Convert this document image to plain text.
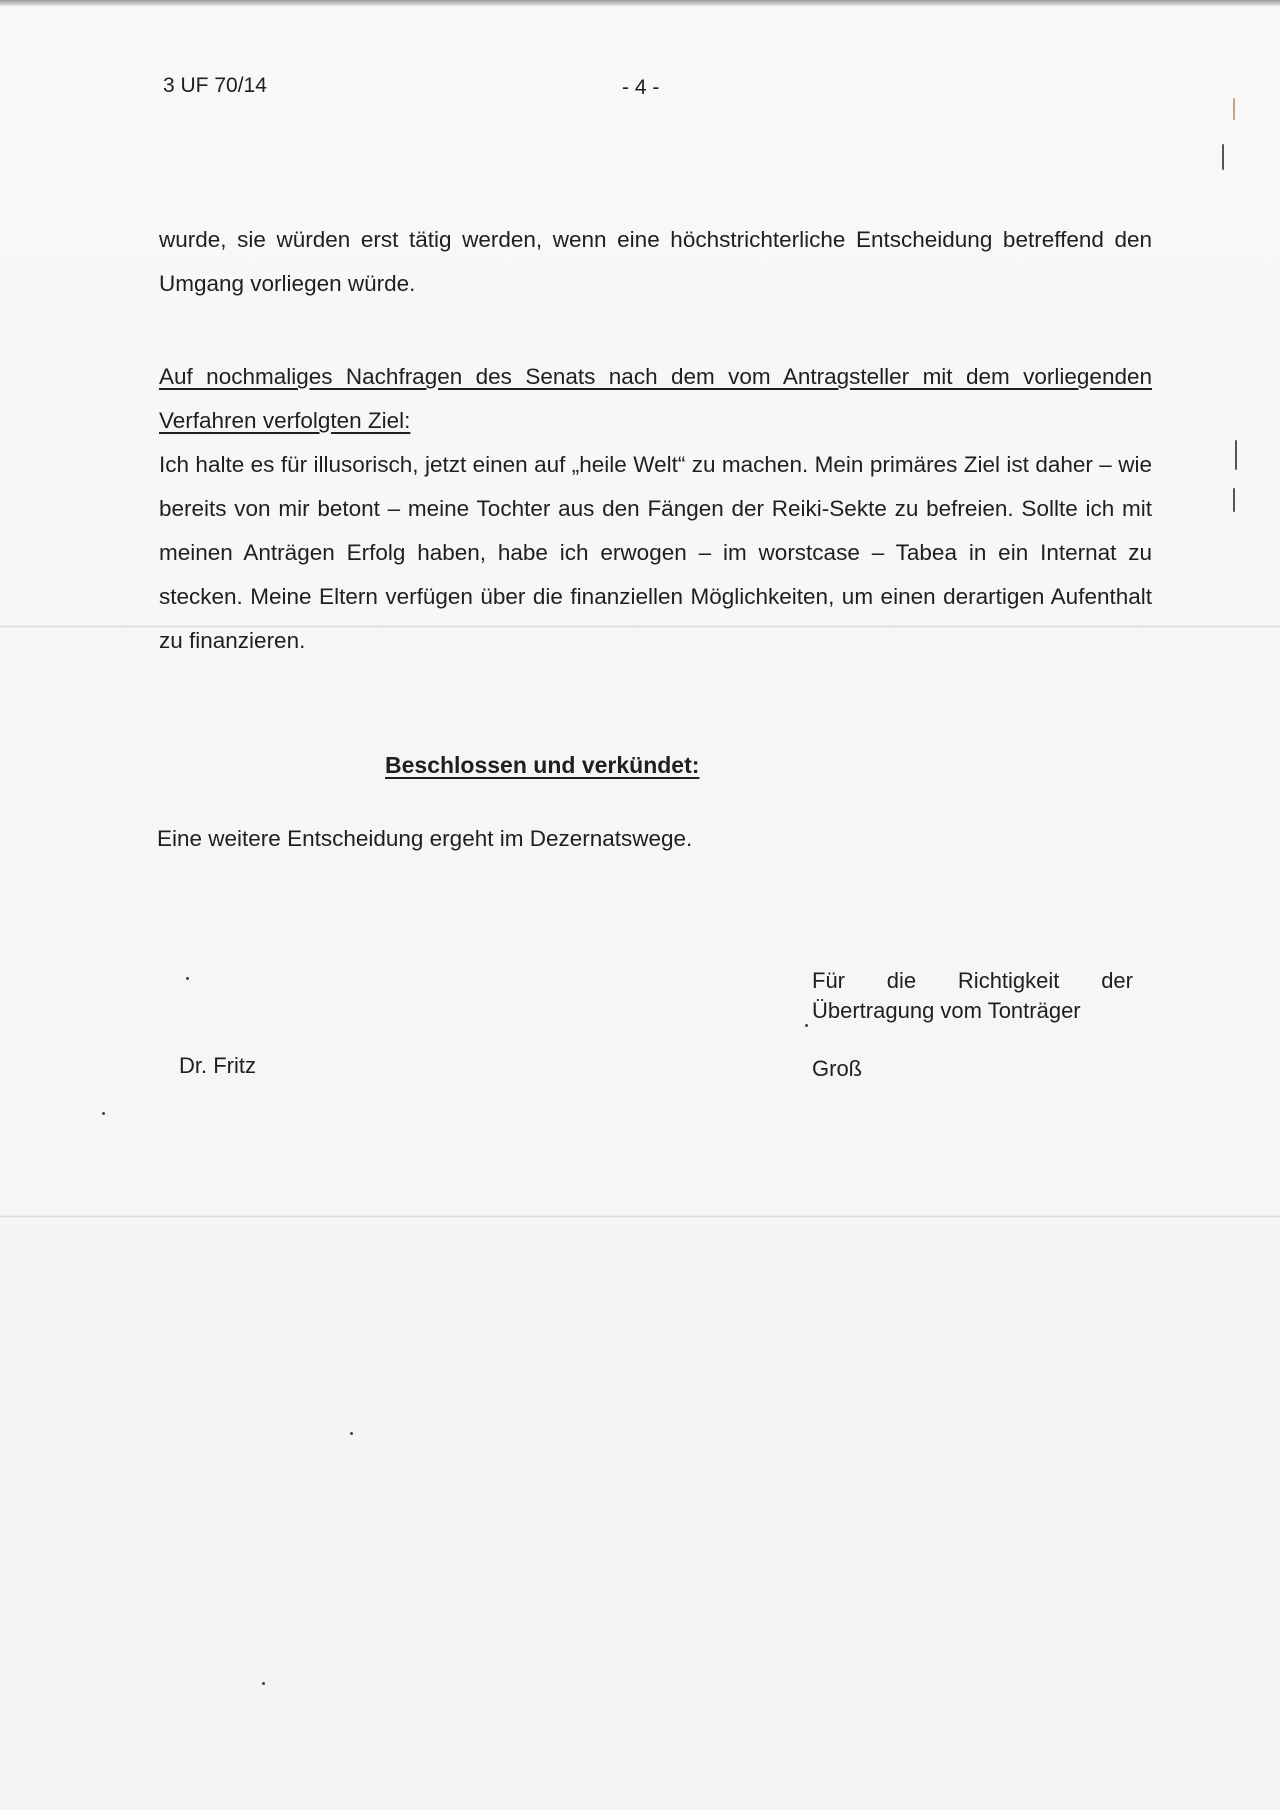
3 UF 70/14	- 4 -
wurde, sie würden erst tätig werden, wenn eine höchstrichterliche Entscheidung betreffend den Umgang vorliegen würde.
Auf nochmaliges Nachfragen des Senats nach dem vom Antragsteller mit dem vorliegenden Verfahren verfolgten Ziel:
Ich halte es für illusorisch, jetzt einen auf „heile Welt“ zu machen. Mein primäres Ziel ist daher – wie bereits von mir betont – meine Tochter aus den Fängen der Reiki-Sekte zu befreien. Sollte ich mit meinen Anträgen Erfolg haben, habe ich erwogen – im worstcase – Tabea in ein Internat zu stecken. Meine Eltern verfügen über die finanziellen Möglichkeiten, um einen derartigen Aufenthalt zu finanzieren.
Beschlossen und verkündet:
Eine weitere Entscheidung ergeht im Dezernatswege.
Für die Richtigkeit der
Übertragung vom Tonträger
Dr. Fritz	Groß
